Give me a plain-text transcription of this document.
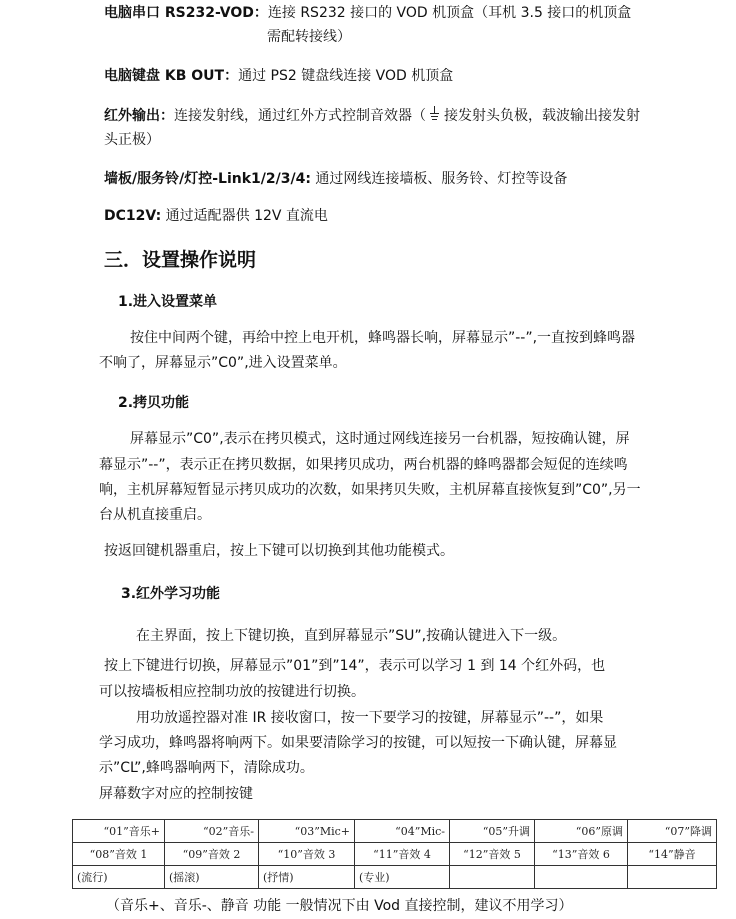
电脑串口 RS232-VOD：连接 RS232 接口的 VOD 机顶盒（耳机 3.5 接口的机顶盒
需配转接线）
电脑键盘 KB OUT：通过 PS2 键盘线连接 VOD 机顶盒
红外输出：连接发射线，通过红外方式控制音效器（ 接发射头负极，载波输出接发射
头正极）
墙板/服务铃/灯控-Link1/2/3/4: 通过网线连接墙板、服务铃、灯控等设备
DC12V: 通过适配器供 12V 直流电
三．设置操作说明
1.进入设置菜单
按住中间两个键，再给中控上电开机，蜂鸣器长响，屏幕显示”--”,一直按到蜂鸣器
不响了，屏幕显示”C0”,进入设置菜单。
2.拷贝功能
屏幕显示”C0”,表示在拷贝模式，这时通过网线连接另一台机器，短按确认键，屏
幕显示”--”，表示正在拷贝数据，如果拷贝成功，两台机器的蜂鸣器都会短促的连续鸣
响，主机屏幕短暂显示拷贝成功的次数，如果拷贝失败，主机屏幕直接恢复到”C0”,另一
台从机直接重启。
按返回键机器重启，按上下键可以切换到其他功能模式。
3.红外学习功能
在主界面，按上下键切换，直到屏幕显示”SU”,按确认键进入下一级。
按上下键进行切换，屏幕显示”01”到”14”，表示可以学习 1 到 14 个红外码，也
可以按墙板相应控制功放的按键进行切换。
用功放遥控器对准 IR 接收窗口，按一下要学习的按键，屏幕显示”--”，如果
学习成功，蜂鸣器将响两下。如果要清除学习的按键，可以短按一下确认键，屏幕显
示”CL”,蜂鸣器响两下，清除成功。
屏幕数字对应的控制按键
“01”音乐+	“02”音乐-	“03”Mic+	“04”Mic-	“05”升调	“06”原调	“07”降调
“08”音效 1	“09”音效 2	“10”音效 3	“11”音效 4	“12”音效 5	“13”音效 6	“14”静音
(流行)	(摇滚)	(抒情)	(专业)			
（音乐+、音乐-、静音 功能 一般情况下由 Vod 直接控制，建议不用学习）
